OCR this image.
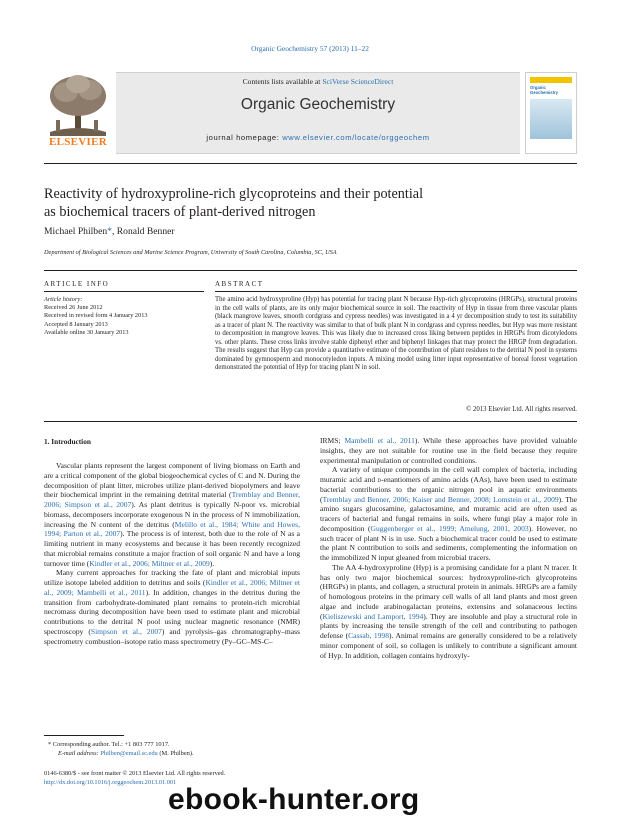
Organic Geochemistry 57 (2013) 11–22
ELSEVIER
Contents lists available at SciVerse ScienceDirect
Organic Geochemistry
journal homepage: www.elsevier.com/locate/orggeochem
Organic Geochemistry
Reactivity of hydroxyproline-rich glycoproteins and their potential
as biochemical tracers of plant-derived nitrogen
Michael Philben*, Ronald Benner
Department of Biological Sciences and Marine Science Program, University of South Carolina, Columbia, SC, USA
ARTICLE INFO	ABSTRACT
Article history:
Received 26 June 2012
Received in revised form 4 January 2013
Accepted 8 January 2013
Available online 30 January 2013
The amino acid hydroxyproline (Hyp) has potential for tracing plant N because Hyp-rich glycoproteins (HRGPs), structural proteins in the cell walls of plants, are its only major biochemical source in soil. The reactivity of Hyp in tissue from three vascular plants (black mangrove leaves, smooth cordgrass and cypress needles) was investigated in a 4 yr decomposition study to test its suitability as a tracer of plant N. The reactivity was similar to that of bulk plant N in cordgrass and cypress needles, but Hyp was more resistant to decomposition in mangrove leaves. This was likely due to increased cross liking between peptides in HRGPs from dicotyledons vs. other plants. These cross links involve stable diphenyl ether and biphenyl linkages that may protect the HRGP from degradation. The results suggest that Hyp can provide a quantitative estimate of the contribution of plant residues to the detrital N pool in systems dominated by gymnosperm and monocotyledon inputs. A mixing model using litter input representative of boreal forest vegetation demonstrated the potential of Hyp for tracing plant N in soil.
© 2013 Elsevier Ltd. All rights reserved.
1. Introduction

Vascular plants represent the largest component of living biomass on Earth and are a critical component of the global biogeochemical cycles of C and N. During the decomposition of plant litter, microbes utilize plant-derived biopolymers and leave their biochemical imprint in the remaining detrital material (Tremblay and Benner, 2006; Simpson et al., 2007). As plant detritus is typically N-poor vs. microbial biomass, decomposers incorporate exogenous N in the process of N immobilization, increasing the N content of the detritus (Melillo et al., 1984; White and Howes, 1994; Parton et al., 2007). The process is of interest, both due to the role of N as a limiting nutrient in many ecosystems and because it has been recently recognized that microbial remains constitute a major fraction of soil organic N and have a long turnover time (Kindler et al., 2006; Miltner et al., 2009).

Many current approaches for tracking the fate of plant and microbial inputs utilize isotope labeled addition to detritus and soils (Kindler et al., 2006; Miltner et al., 2009; Mambelli et al., 2011). In addition, changes in the detritus during the transition from carbohydrate-dominated plant remains to protein-rich microbial necromass during decomposition have been used to estimate plant and microbial contributions to the detrital N pool using nuclear magnetic resonance (NMR) spectroscopy (Simpson et al., 2007) and pyrolysis–gas chromatography–mass spectrometry combustion–isotope ratio mass spectrometry (Py–GC–MS-C–

IRMS; Mambelli et al., 2011). While these approaches have provided valuable insights, they are not suitable for routine use in the field because they require experimental manipulation or controlled conditions.

A variety of unique compounds in the cell wall complex of bacteria, including muramic acid and d-enantiomers of amino acids (AAs), have been used to estimate bacterial contributions to the organic nitrogen pool in aquatic environments (Tremblay and Benner, 2006; Kaiser and Benner, 2008; Lomstein et al., 2009). The amino sugars glucosamine, galactosamine, and muramic acid are often used as tracers of bacterial and fungal remains in soils, where fungi play a major role in decomposition (Guggenberger et al., 1999; Amelung, 2001, 2003). However, no such tracer of plant N is in use. Such a biochemical tracer could be used to estimate the plant N contribution to soils and sediments, complementing the information on the immobilized N input gleaned from microbial tracers.

The AA 4-hydroxyproline (Hyp) is a promising candidate for a plant N tracer. It has only two major biochemical sources: hydroxyproline-rich glycoproteins (HRGPs) in plants, and collagen, a structural protein in animals. HRGPs are a family of homologous proteins in the primary cell walls of all land plants and most green algae and include arabinogalactan proteins, extensins and solanaceous lectins (Kieliszewski and Lamport, 1994). They are insoluble and play a structural role in plants by increasing the tensile strength of the cell and contributing to pathogen defense (Cassab, 1998). Animal remains are generally considered to be a relatively minor component of soil, so collagen is unlikely to contribute a significant amount of Hyp. In addition, collagen contains hydroxyly-

* Corresponding author. Tel.: +1 803 777 1017.
E-mail address: Philben@email.sc.edu (M. Philben).
0146-6380/$ - see front matter © 2013 Elsevier Ltd. All rights reserved.
http://dx.doi.org/10.1016/j.orggeochem.2013.01.001
ebook-hunter.org
